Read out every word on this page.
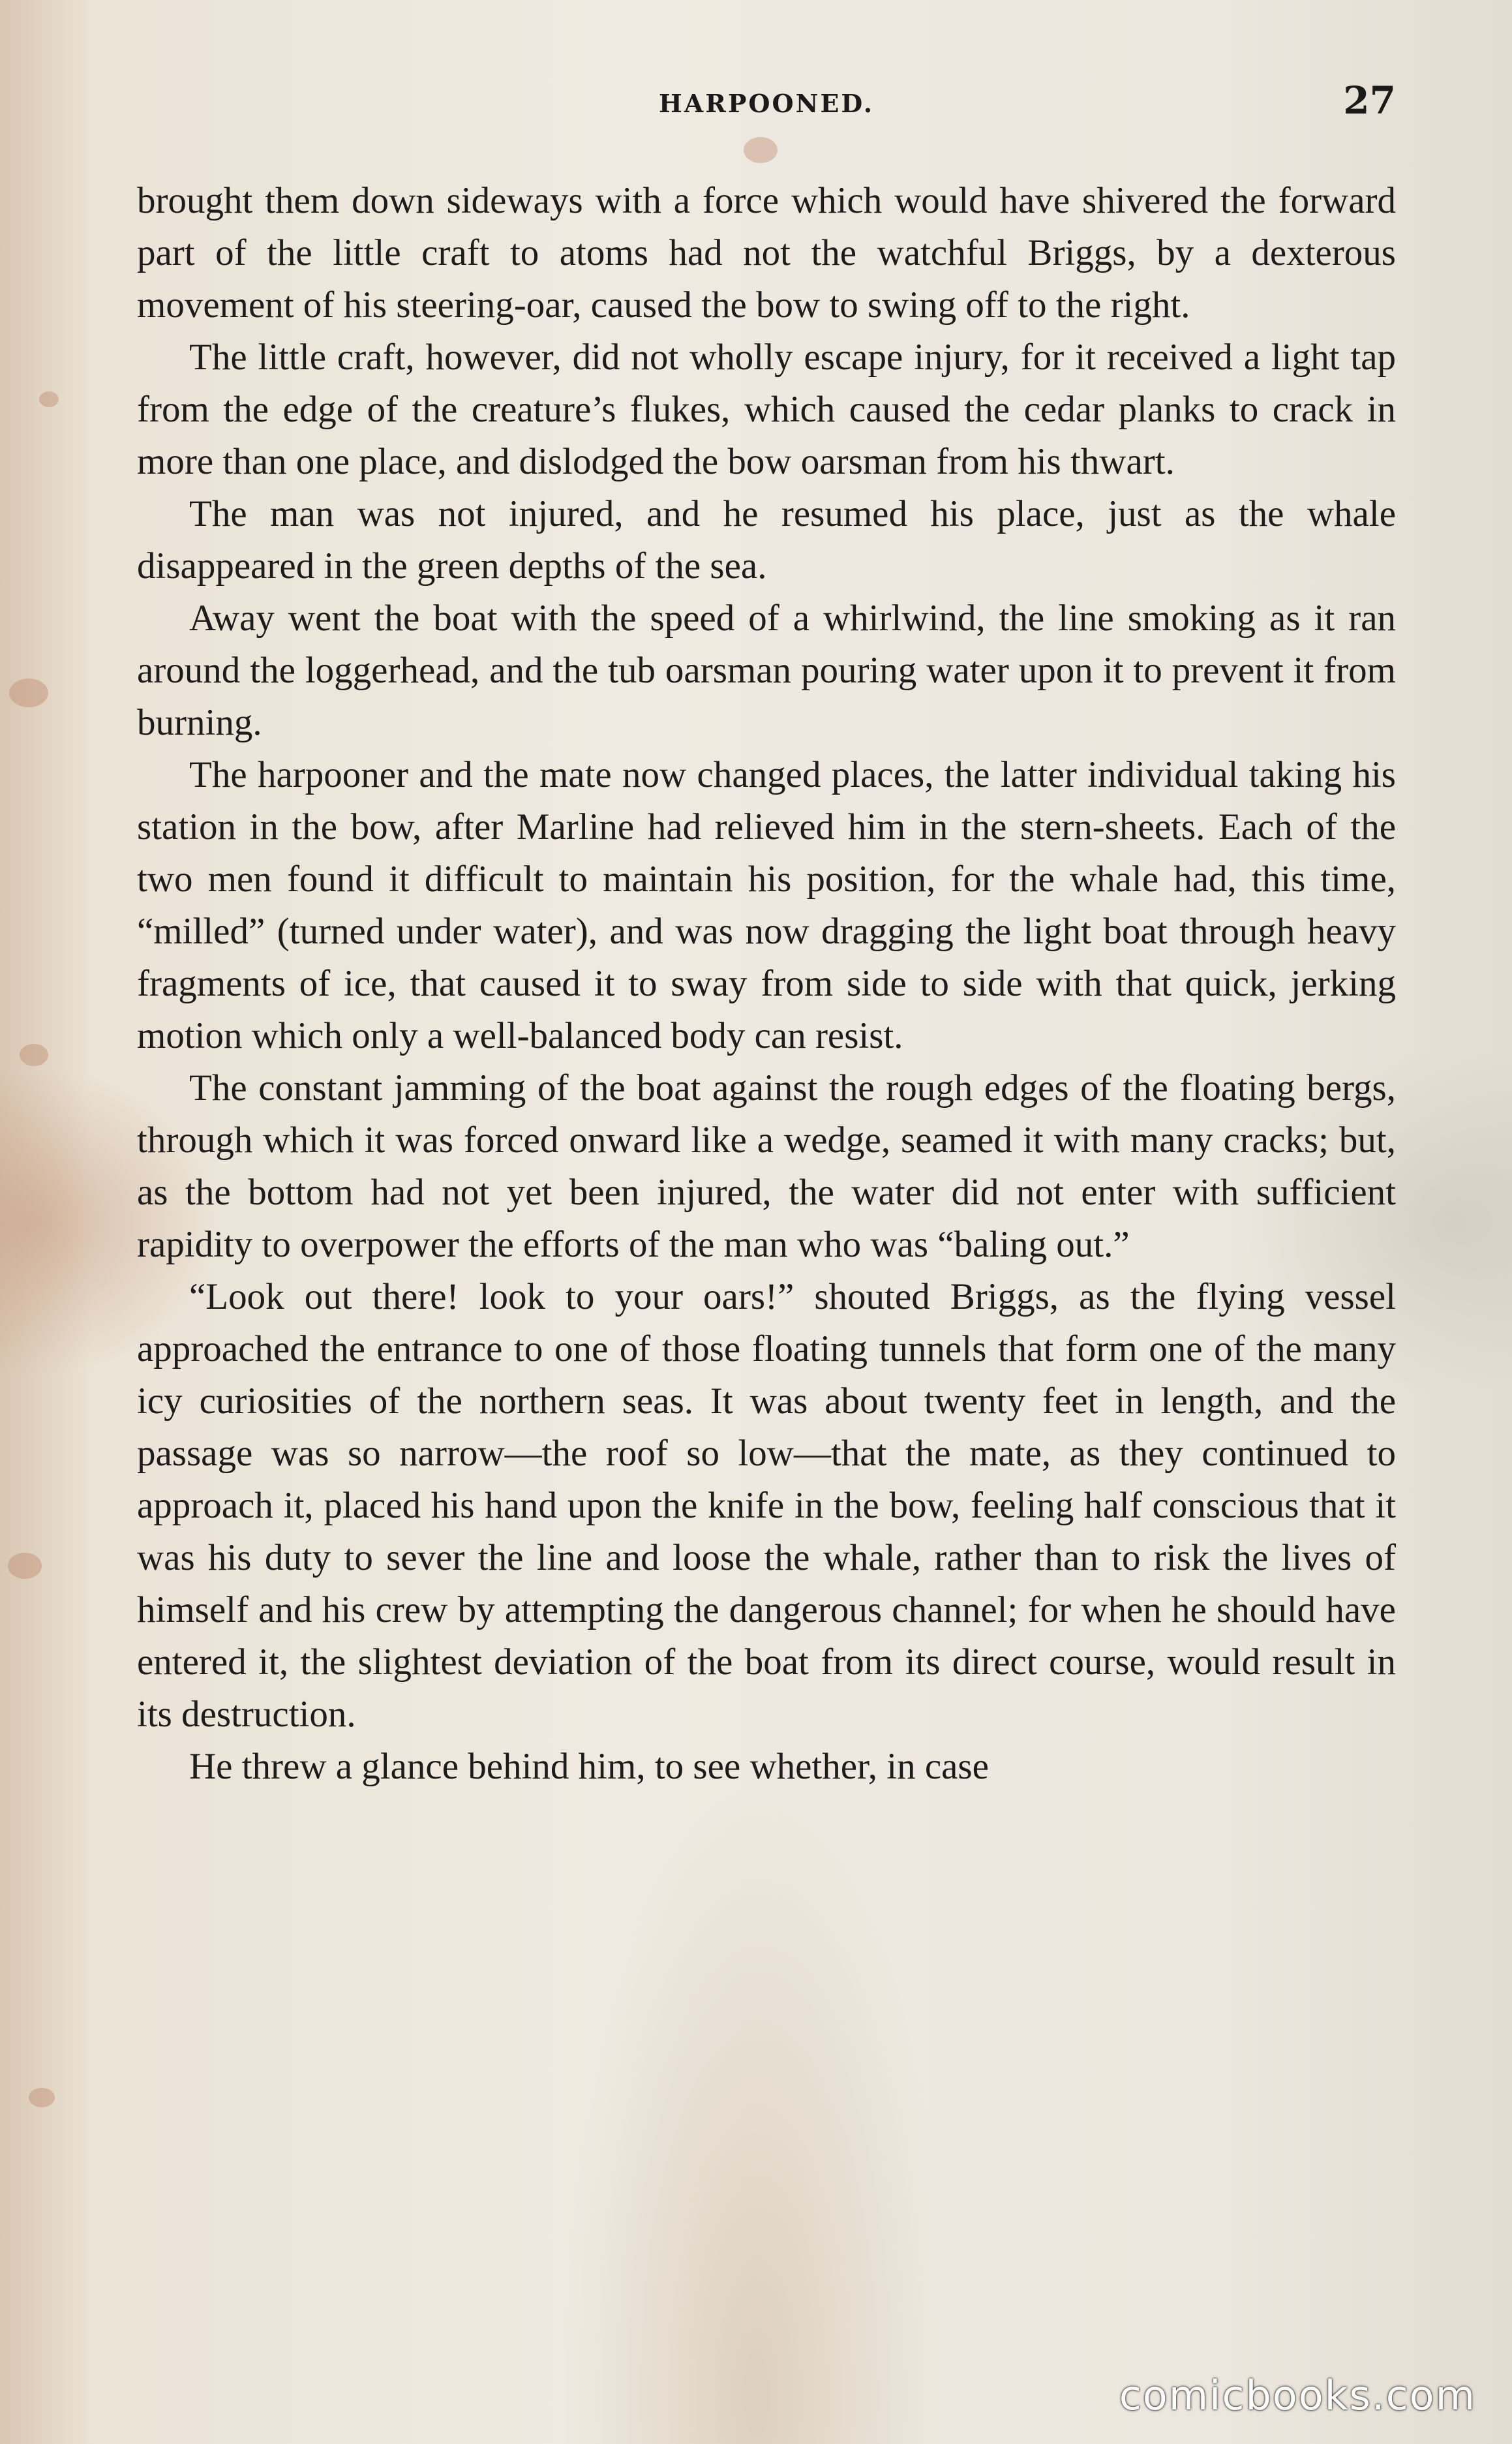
HARPOONED.	27

brought them down sideways with a force which would have shivered the forward part of the little craft to atoms had not the watchful Briggs, by a dexterous movement of his steering-oar, caused the bow to swing off to the right.

The little craft, however, did not wholly escape injury, for it received a light tap from the edge of the creature’s flukes, which caused the cedar planks to crack in more than one place, and dislodged the bow oarsman from his thwart.

The man was not injured, and he resumed his place, just as the whale disappeared in the green depths of the sea.

Away went the boat with the speed of a whirlwind, the line smoking as it ran around the loggerhead, and the tub oarsman pouring water upon it to prevent it from burning.

The harpooner and the mate now changed places, the latter individual taking his station in the bow, after Marline had relieved him in the stern-sheets. Each of the two men found it difficult to maintain his position, for the whale had, this time, “milled” (turned under water), and was now dragging the light boat through heavy fragments of ice, that caused it to sway from side to side with that quick, jerking motion which only a well-balanced body can resist.

The constant jamming of the boat against the rough edges of the floating bergs, through which it was forced onward like a wedge, seamed it with many cracks; but, as the bottom had not yet been injured, the water did not enter with sufficient rapidity to overpower the efforts of the man who was “baling out.”

“Look out there! look to your oars!” shouted Briggs, as the flying vessel approached the entrance to one of those floating tunnels that form one of the many icy curiosities of the northern seas. It was about twenty feet in length, and the passage was so narrow—the roof so low—that the mate, as they continued to approach it, placed his hand upon the knife in the bow, feeling half conscious that it was his duty to sever the line and loose the whale, rather than to risk the lives of himself and his crew by attempting the dangerous channel; for when he should have entered it, the slightest deviation of the boat from its direct course, would result in its destruction.

He threw a glance behind him, to see whether, in case

comicbooks.com
